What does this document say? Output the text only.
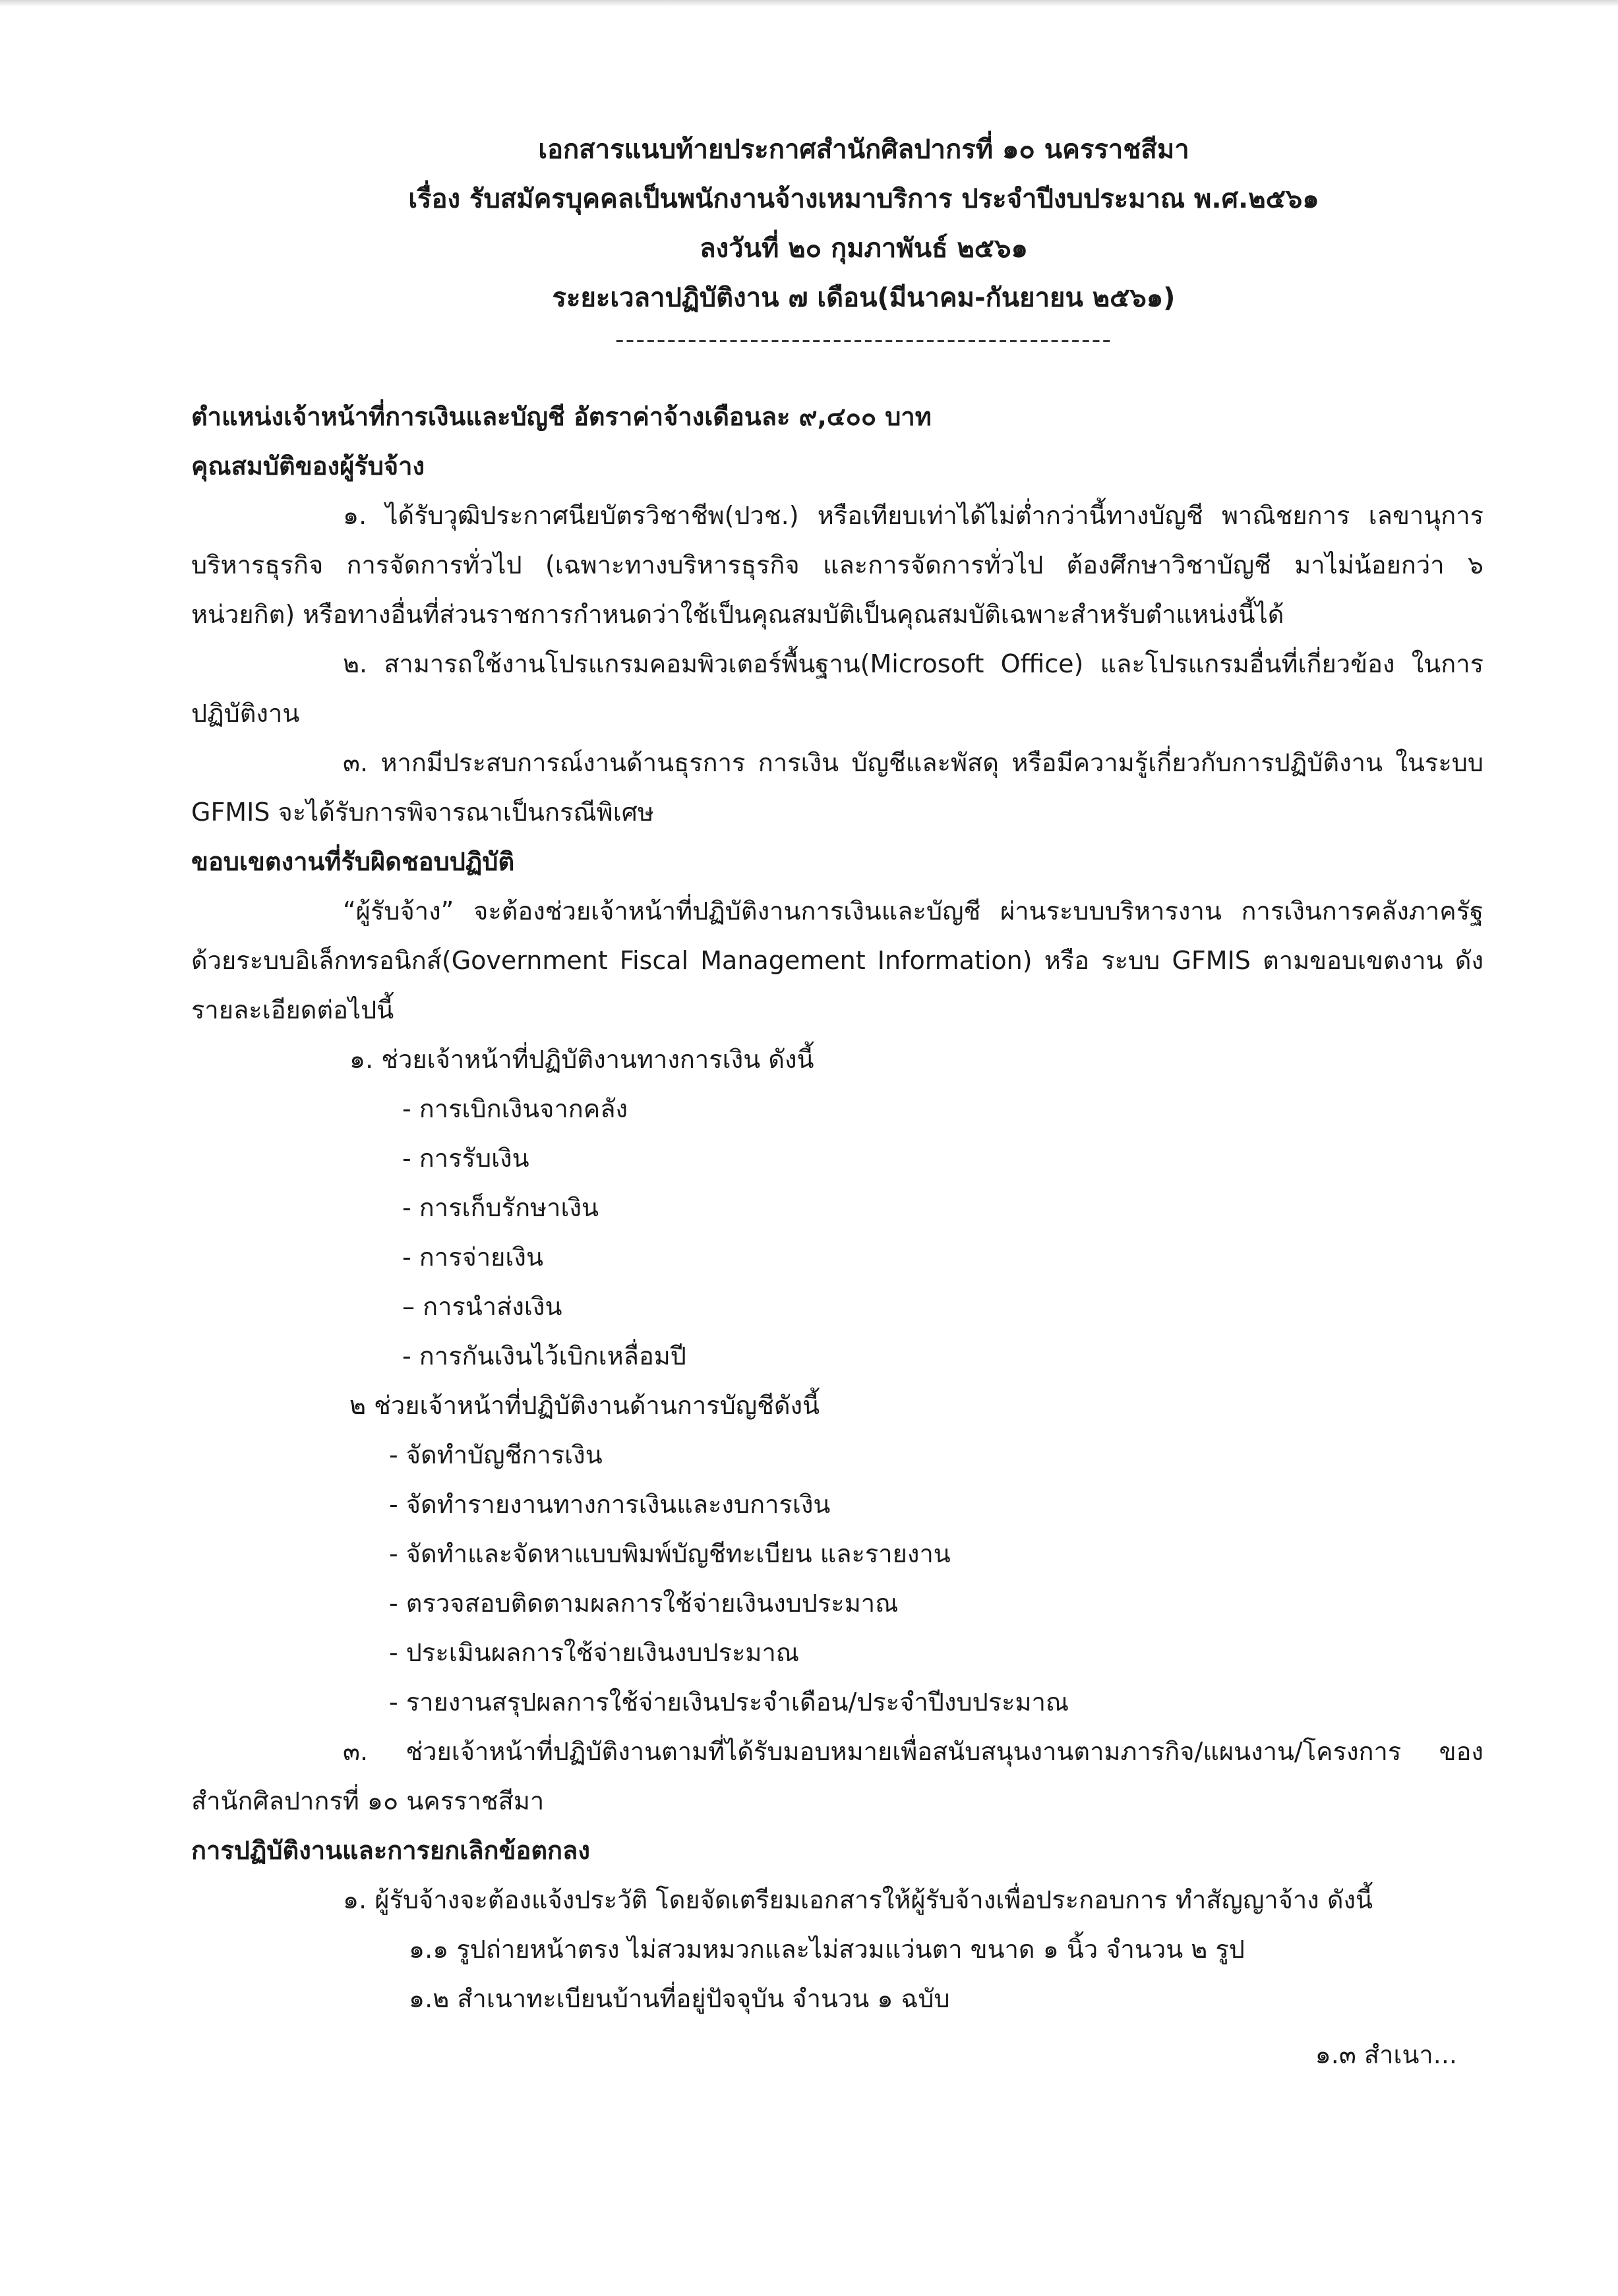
เอกสารแนบท้ายประกาศสำนักศิลปากรที่ ๑๐ นครราชสีมา
เรื่อง รับสมัครบุคคลเป็นพนักงานจ้างเหมาบริการ ประจำปีงบประมาณ พ.ศ.๒๕๖๑
ลงวันที่ ๒๐ กุมภาพันธ์ ๒๕๖๑
ระยะเวลาปฏิบัติงาน ๗ เดือน(มีนาคม-กันยายน ๒๕๖๑)
------------------------------------------------

ตำแหน่งเจ้าหน้าที่การเงินและบัญชี อัตราค่าจ้างเดือนละ ๙,๔๐๐ บาท

คุณสมบัติของผู้รับจ้าง

๑. ได้รับวุฒิประกาศนียบัตรวิชาชีพ(ปวช.) หรือเทียบเท่าได้ไม่ต่ำกว่านี้ทางบัญชี พาณิชยการ เลขานุการ บริหารธุรกิจ การจัดการทั่วไป (เฉพาะทางบริหารธุรกิจ และการจัดการทั่วไป ต้องศึกษาวิชาบัญชี มาไม่น้อยกว่า ๖ หน่วยกิต) หรือทางอื่นที่ส่วนราชการกำหนดว่าใช้เป็นคุณสมบัติเป็นคุณสมบัติเฉพาะสำหรับตำแหน่งนี้ได้

๒. สามารถใช้งานโปรแกรมคอมพิวเตอร์พื้นฐาน(Microsoft Office) และโปรแกรมอื่นที่เกี่ยวข้อง ในการปฏิบัติงาน

๓. หากมีประสบการณ์งานด้านธุรการ การเงิน บัญชีและพัสดุ หรือมีความรู้เกี่ยวกับการปฏิบัติงาน ในระบบ GFMIS จะได้รับการพิจารณาเป็นกรณีพิเศษ

ขอบเขตงานที่รับผิดชอบปฏิบัติ

“ผู้รับจ้าง” จะต้องช่วยเจ้าหน้าที่ปฏิบัติงานการเงินและบัญชี ผ่านระบบบริหารงาน การเงินการคลังภาครัฐ ด้วยระบบอิเล็กทรอนิกส์(Government Fiscal Management Information) หรือ ระบบ GFMIS ตามขอบเขตงาน ดังรายละเอียดต่อไปนี้

๑. ช่วยเจ้าหน้าที่ปฏิบัติงานทางการเงิน ดังนี้

- การเบิกเงินจากคลัง

- การรับเงิน

- การเก็บรักษาเงิน

- การจ่ายเงิน

– การนำส่งเงิน

- การกันเงินไว้เบิกเหลื่อมปี

๒ ช่วยเจ้าหน้าที่ปฏิบัติงานด้านการบัญชีดังนี้

- จัดทำบัญชีการเงิน

- จัดทำรายงานทางการเงินและงบการเงิน

- จัดทำและจัดหาแบบพิมพ์บัญชีทะเบียน และรายงาน

- ตรวจสอบติดตามผลการใช้จ่ายเงินงบประมาณ

- ประเมินผลการใช้จ่ายเงินงบประมาณ

- รายงานสรุปผลการใช้จ่ายเงินประจำเดือน/ประจำปีงบประมาณ

๓. ช่วยเจ้าหน้าที่ปฏิบัติงานตามที่ได้รับมอบหมายเพื่อสนับสนุนงานตามภารกิจ/แผนงาน/โครงการ ของสำนักศิลปากรที่ ๑๐ นครราชสีมา

การปฏิบัติงานและการยกเลิกข้อตกลง

๑. ผู้รับจ้างจะต้องแจ้งประวัติ โดยจัดเตรียมเอกสารให้ผู้รับจ้างเพื่อประกอบการ ทำสัญญาจ้าง ดังนี้

๑.๑ รูปถ่ายหน้าตรง ไม่สวมหมวกและไม่สวมแว่นตา ขนาด ๑ นิ้ว จำนวน ๒ รูป

๑.๒ สำเนาทะเบียนบ้านที่อยู่ปัจจุบัน จำนวน ๑ ฉบับ

๑.๓ สำเนา...
